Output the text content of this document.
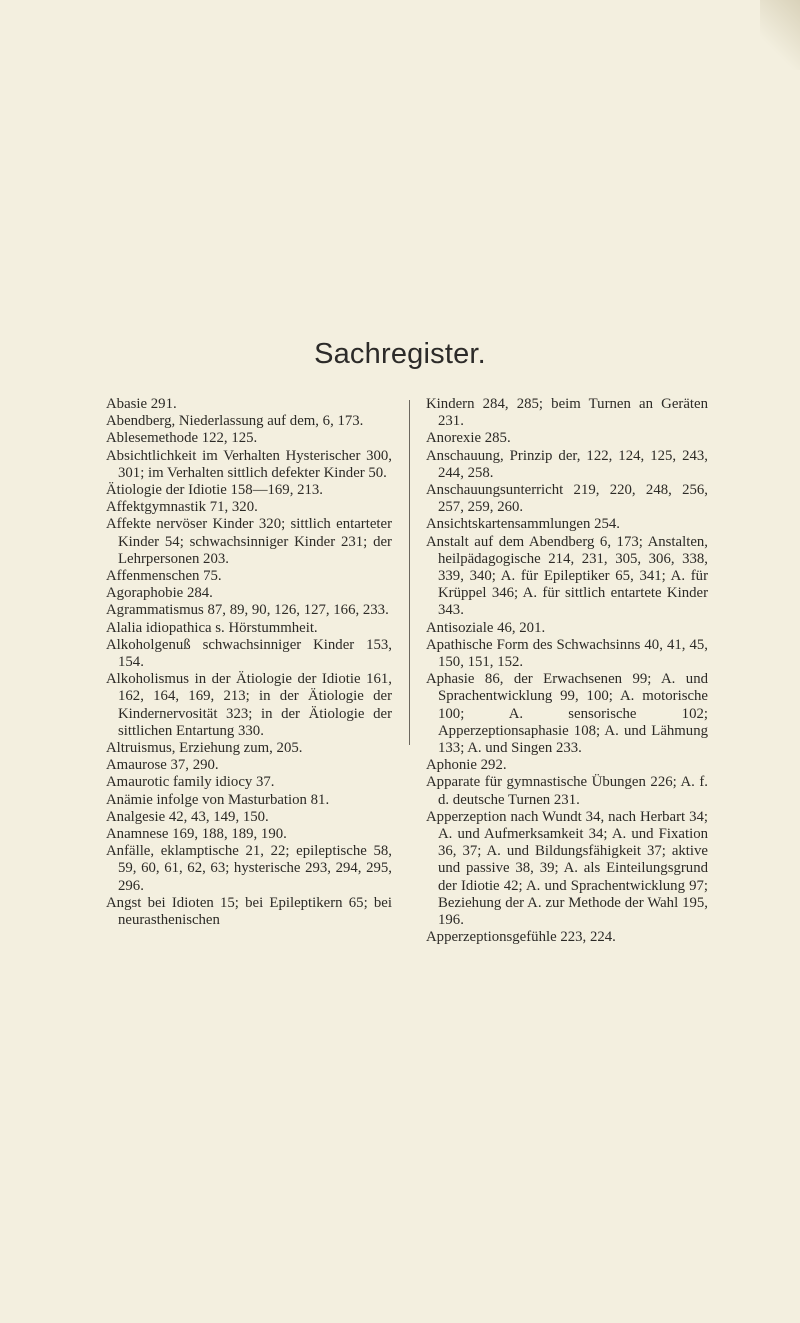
Sachregister.

Abasie 291.

Abendberg, Niederlassung auf dem, 6, 173.

Ablesemethode 122, 125.

Absichtlichkeit im Verhalten Hysterischer 300, 301; im Verhalten sittlich defekter Kinder 50.

Ätiologie der Idiotie 158—169, 213.

Affektgymnastik 71, 320.

Affekte nervöser Kinder 320; sittlich entarteter Kinder 54; schwachsinniger Kinder 231; der Lehrpersonen 203.

Affenmenschen 75.

Agoraphobie 284.

Agrammatismus 87, 89, 90, 126, 127, 166, 233.

Alalia idiopathica s. Hörstummheit.

Alkoholgenuß schwachsinniger Kinder 153, 154.

Alkoholismus in der Ätiologie der Idiotie 161, 162, 164, 169, 213; in der Ätiologie der Kindernervosität 323; in der Ätiologie der sittlichen Entartung 330.

Altruismus, Erziehung zum, 205.

Amaurose 37, 290.

Amaurotic family idiocy 37.

Anämie infolge von Masturbation 81.

Analgesie 42, 43, 149, 150.

Anamnese 169, 188, 189, 190.

Anfälle, eklamptische 21, 22; epileptische 58, 59, 60, 61, 62, 63; hysterische 293, 294, 295, 296.

Angst bei Idioten 15; bei Epileptikern 65; bei neurasthenischen

Kindern 284, 285; beim Turnen an Geräten 231.

Anorexie 285.

Anschauung, Prinzip der, 122, 124, 125, 243, 244, 258.

Anschauungsunterricht 219, 220, 248, 256, 257, 259, 260.

Ansichtskartensammlungen 254.

Anstalt auf dem Abendberg 6, 173; Anstalten, heilpädagogische 214, 231, 305, 306, 338, 339, 340; A. für Epileptiker 65, 341; A. für Krüppel 346; A. für sittlich entartete Kinder 343.

Antisoziale 46, 201.

Apathische Form des Schwachsinns 40, 41, 45, 150, 151, 152.

Aphasie 86, der Erwachsenen 99; A. und Sprachentwicklung 99, 100; A. motorische 100; A. sensorische 102; Apperzeptionsaphasie 108; A. und Lähmung 133; A. und Singen 233.

Aphonie 292.

Apparate für gymnastische Übungen 226; A. f. d. deutsche Turnen 231.

Apperzeption nach Wundt 34, nach Herbart 34; A. und Aufmerksamkeit 34; A. und Fixation 36, 37; A. und Bildungsfähigkeit 37; aktive und passive 38, 39; A. als Einteilungsgrund der Idiotie 42; A. und Sprachentwicklung 97; Beziehung der A. zur Methode der Wahl 195, 196.

Apperzeptionsgefühle 223, 224.
